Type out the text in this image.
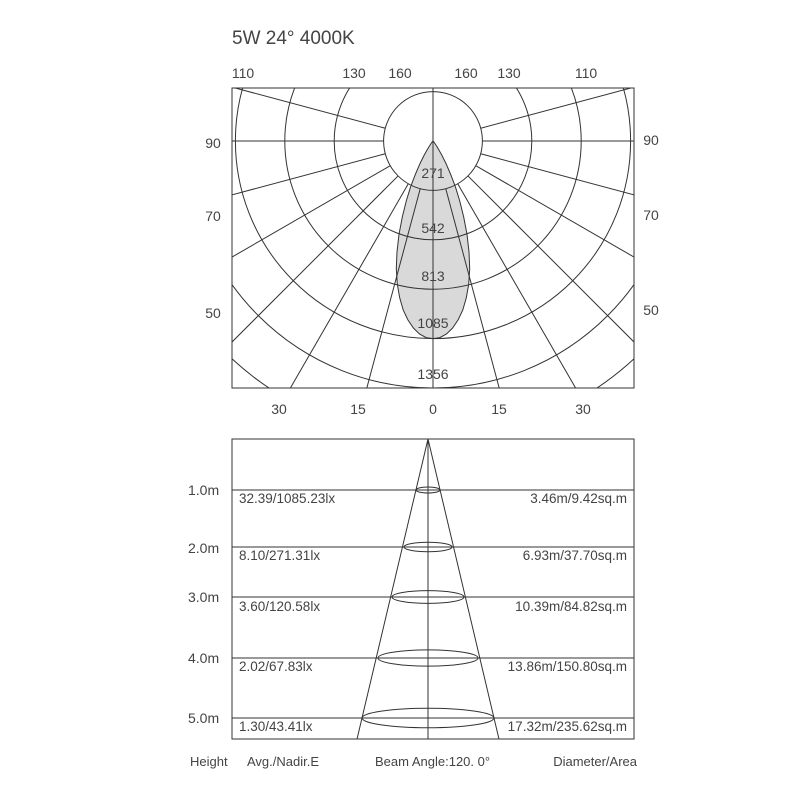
5W 24° 4000K
110	130 160	160 130	110
90
70
50
90
70
50
30	15	0	15	30
271
542
813
1085
1356
1.0m
32.39/1085.23lx	3.46m/9.42sq.m
2.0m 8.10/271.31lx	6.93m/37.70sq.m
3.0m
3.60/120.58lx	10.39m/84.82sq.m
4.0m
2.02/67.83lx	13.86m/150.80sq.m
5.0m
1.30/43.41lx	17.32m/235.62sq.m
Height Avg./Nadir.E	Beam Angle:120. 0°	Diameter/Area
